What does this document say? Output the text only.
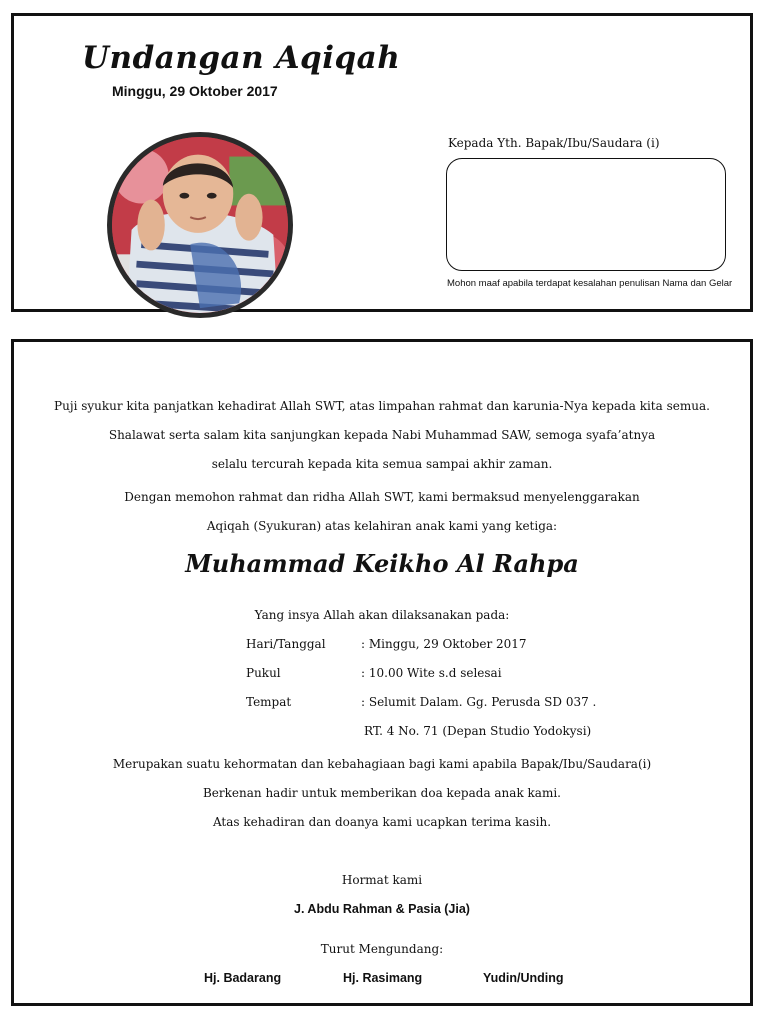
Undangan Aqiqah
Minggu, 29 Oktober 2017
Kepada Yth. Bapak/Ibu/Saudara (i)
Mohon maaf apabila terdapat kesalahan penulisan Nama dan Gelar
Puji syukur kita panjatkan kehadirat Allah SWT, atas limpahan rahmat dan karunia-Nya kepada kita semua.
Shalawat serta salam kita sanjungkan kepada Nabi Muhammad SAW, semoga syafa’atnya
selalu tercurah kepada kita semua sampai akhir zaman.
Dengan memohon rahmat dan ridha Allah SWT, kami bermaksud menyelenggarakan
Aqiqah (Syukuran) atas kelahiran anak kami yang ketiga:
Muhammad Keikho Al Rahpa
Yang insya Allah akan dilaksanakan pada:
Hari/Tanggal	: Minggu, 29 Oktober 2017
Pukul	: 10.00 Wite s.d selesai
Tempat	: Selumit Dalam. Gg. Perusda SD 037 .
RT. 4 No. 71 (Depan Studio Yodokysi)
Merupakan suatu kehormatan dan kebahagiaan bagi kami apabila Bapak/Ibu/Saudara(i)
Berkenan hadir untuk memberikan doa kepada anak kami.
Atas kehadiran dan doanya kami ucapkan terima kasih.
Hormat kami
J. Abdu Rahman & Pasia (Jia)
Turut Mengundang:
Hj. Badarang	Hj. Rasimang	Yudin/Unding
